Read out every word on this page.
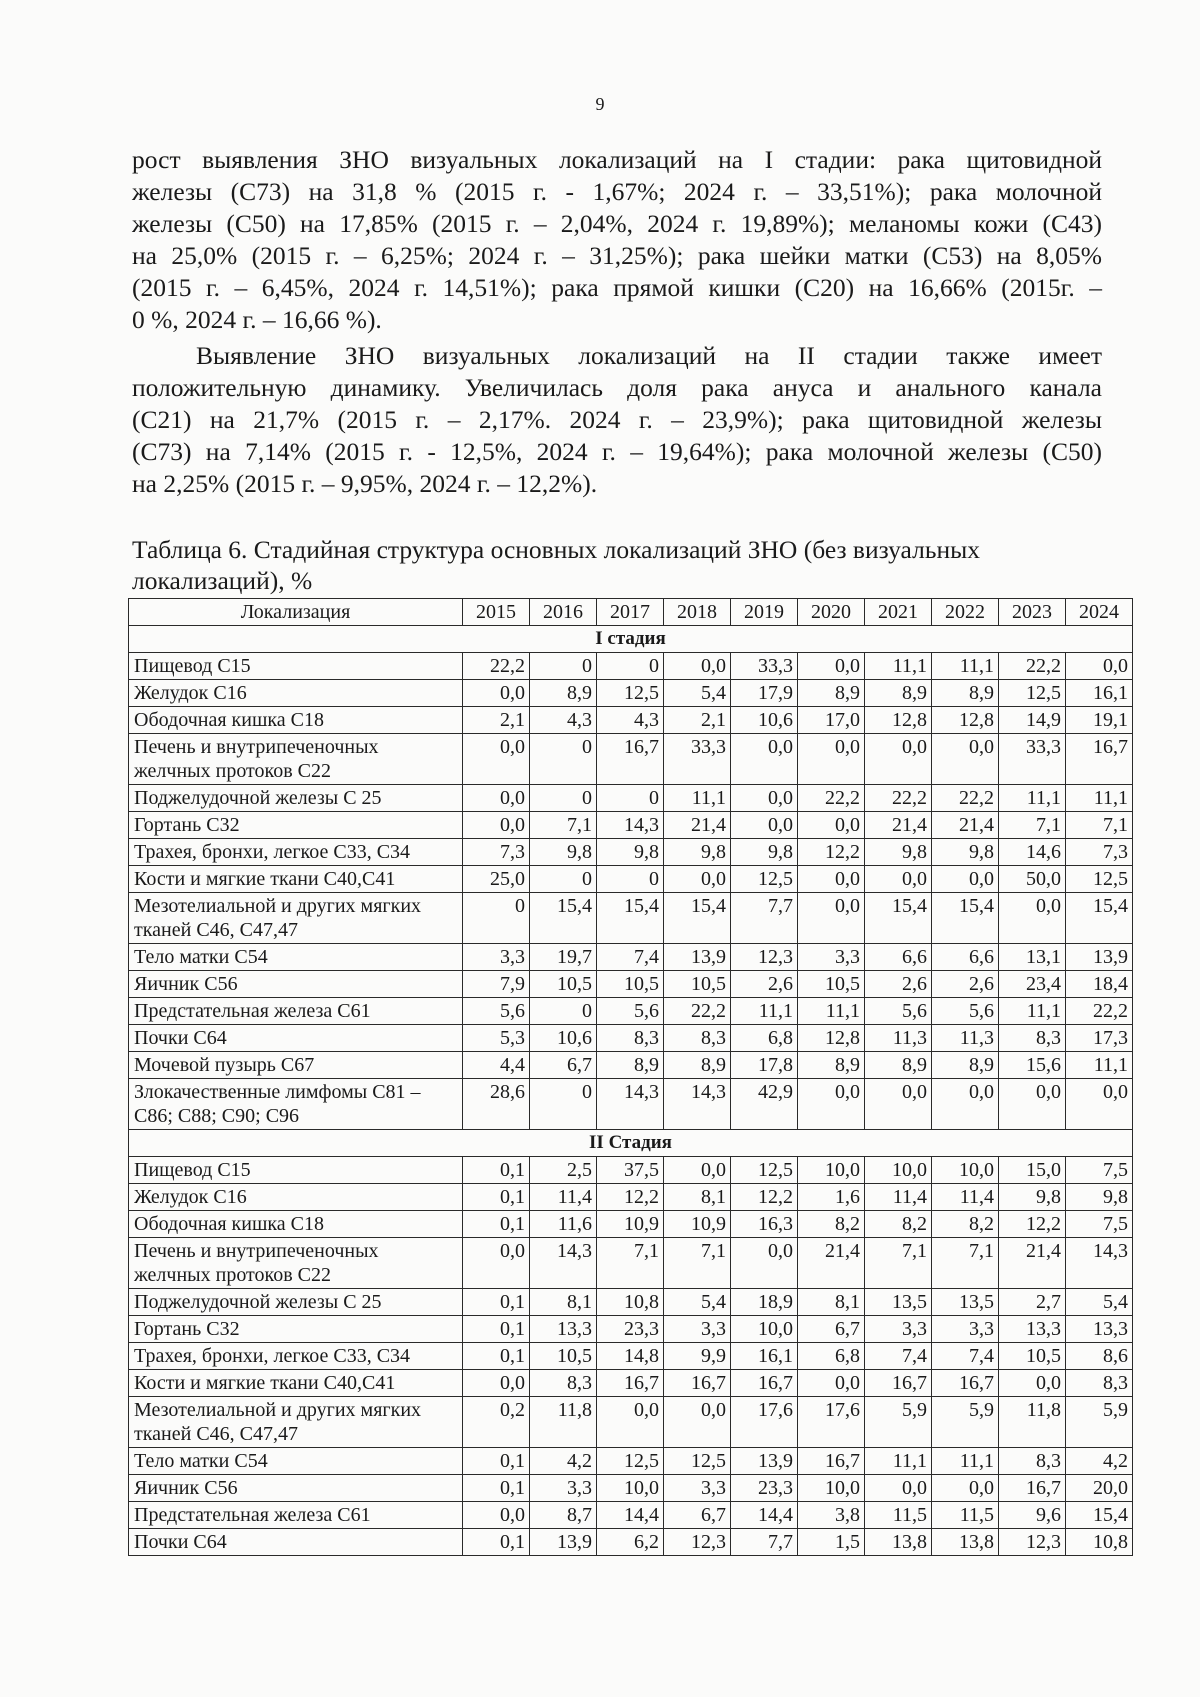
9

рост выявления ЗНО визуальных локализаций на I стадии: рака щитовидной
железы (С73) на 31,8 % (2015 г. - 1,67%; 2024 г. – 33,51%); рака молочной
железы (С50) на 17,85% (2015 г. – 2,04%, 2024 г. 19,89%); меланомы кожи (С43)
на 25,0% (2015 г. – 6,25%; 2024 г. – 31,25%); рака шейки матки (С53) на 8,05%
(2015 г. – 6,45%, 2024 г. 14,51%); рака прямой кишки (С20) на 16,66% (2015г. –
0 %, 2024 г. – 16,66 %).

Выявление ЗНО визуальных локализаций на II стадии также имеет
положительную динамику. Увеличилась доля рака ануса и анального канала
(С21) на 21,7% (2015 г. – 2,17%. 2024 г. – 23,9%); рака щитовидной железы
(С73) на 7,14% (2015 г. - 12,5%, 2024 г. – 19,64%); рака молочной железы (С50)
на 2,25% (2015 г. – 9,95%, 2024 г. – 12,2%).

Таблица 6. Стадийная структура основных локализаций ЗНО (без визуальных локализаций), %

Локализация	2015	2016	2017	2018	2019	2020	2021	2022	2023	2024
I стадия										
Пищевод С15	22,2	0	0	0,0	33,3	0,0	11,1	11,1	22,2	0,0
Желудок С16	0,0	8,9	12,5	5,4	17,9	8,9	8,9	8,9	12,5	16,1
Ободочная кишка С18	2,1	4,3	4,3	2,1	10,6	17,0	12,8	12,8	14,9	19,1
Печень и внутрипеченочных желчных протоков С22	0,0	0	16,7	33,3	0,0	0,0	0,0	0,0	33,3	16,7
Поджелудочной железы С 25	0,0	0	0	11,1	0,0	22,2	22,2	22,2	11,1	11,1
Гортань С32	0,0	7,1	14,3	21,4	0,0	0,0	21,4	21,4	7,1	7,1
Трахея, бронхи, легкое С33, С34	7,3	9,8	9,8	9,8	9,8	12,2	9,8	9,8	14,6	7,3
Кости и мягкие ткани С40,С41	25,0	0	0	0,0	12,5	0,0	0,0	0,0	50,0	12,5
Мезотелиальной и других мягких тканей С46, С47,47	0	15,4	15,4	15,4	7,7	0,0	15,4	15,4	0,0	15,4
Тело матки С54	3,3	19,7	7,4	13,9	12,3	3,3	6,6	6,6	13,1	13,9
Яичник С56	7,9	10,5	10,5	10,5	2,6	10,5	2,6	2,6	23,4	18,4
Предстательная железа С61	5,6	0	5,6	22,2	11,1	11,1	5,6	5,6	11,1	22,2
Почки С64	5,3	10,6	8,3	8,3	6,8	12,8	11,3	11,3	8,3	17,3
Мочевой пузырь С67	4,4	6,7	8,9	8,9	17,8	8,9	8,9	8,9	15,6	11,1
Злокачественные лимфомы С81 – С86; С88; С90; С96	28,6	0	14,3	14,3	42,9	0,0	0,0	0,0	0,0	0,0
II Стадия										
Пищевод С15	0,1	2,5	37,5	0,0	12,5	10,0	10,0	10,0	15,0	7,5
Желудок С16	0,1	11,4	12,2	8,1	12,2	1,6	11,4	11,4	9,8	9,8
Ободочная кишка С18	0,1	11,6	10,9	10,9	16,3	8,2	8,2	8,2	12,2	7,5
Печень и внутрипеченочных желчных протоков С22	0,0	14,3	7,1	7,1	0,0	21,4	7,1	7,1	21,4	14,3
Поджелудочной железы С 25	0,1	8,1	10,8	5,4	18,9	8,1	13,5	13,5	2,7	5,4
Гортань С32	0,1	13,3	23,3	3,3	10,0	6,7	3,3	3,3	13,3	13,3
Трахея, бронхи, легкое С33, С34	0,1	10,5	14,8	9,9	16,1	6,8	7,4	7,4	10,5	8,6
Кости и мягкие ткани С40,С41	0,0	8,3	16,7	16,7	16,7	0,0	16,7	16,7	0,0	8,3
Мезотелиальной и других мягких тканей С46, С47,47	0,2	11,8	0,0	0,0	17,6	17,6	5,9	5,9	11,8	5,9
Тело матки С54	0,1	4,2	12,5	12,5	13,9	16,7	11,1	11,1	8,3	4,2
Яичник С56	0,1	3,3	10,0	3,3	23,3	10,0	0,0	0,0	16,7	20,0
Предстательная железа С61	0,0	8,7	14,4	6,7	14,4	3,8	11,5	11,5	9,6	15,4
Почки С64	0,1	13,9	6,2	12,3	7,7	1,5	13,8	13,8	12,3	10,8
